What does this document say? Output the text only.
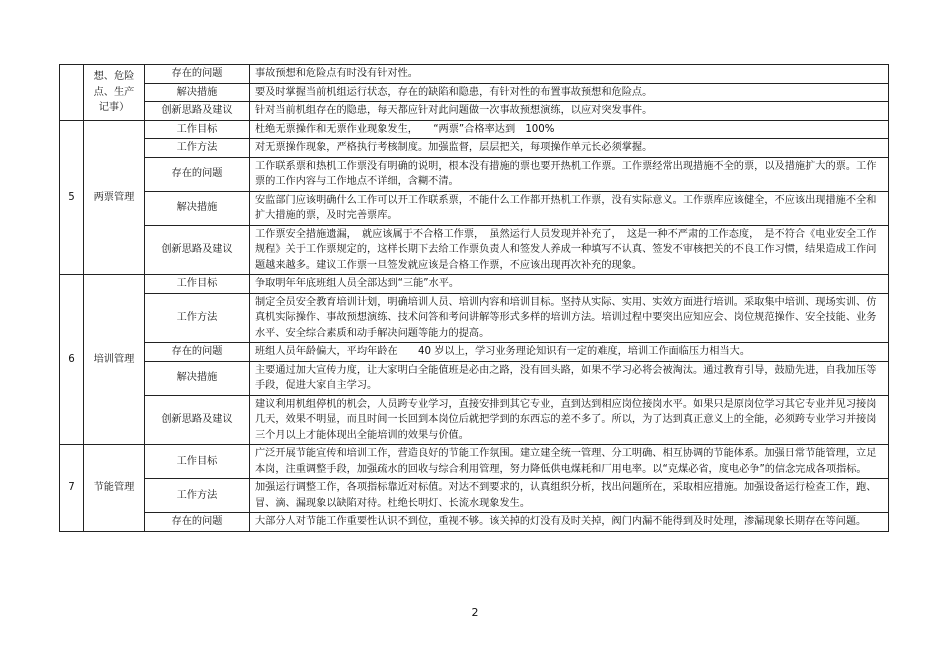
	想、危险点、生产记事）	存在的问题	事故预想和危险点有时没有针对性。
		解决措施	要及时掌握当前机组运行状态，存在的缺陷和隐患，有针对性的布置事故预想和危险点。
		创新思路及建议	针对当前机组存在的隐患，每天都应针对此问题做一次事故预想演练，以应对突发事件。
5	两票管理	工作目标	杜绝无票操作和无票作业现象发生，　　“两票”合格率达到　100%
		工作方法	对无票操作现象，严格执行考核制度。加强监督，层层把关，每项操作单元长必须掌握。
		存在的问题	工作联系票和热机工作票没有明确的说明，根本没有措施的票也要开热机工作票。工作票经常出现措施不全的票，以及措施扩大的票。工作票的工作内容与工作地点不详细，含糊不清。
		解决措施	安监部门应该明确什么工作可以开工作联系票，不能什么工作都开热机工作票，没有实际意义。工作票库应该健全，不应该出现措施不全和扩大措施的票，及时完善票库。
		创新思路及建议	工作票安全措施遗漏，　就应该属于不合格工作票，　虽然运行人员发现并补充了，　这是一种不严肃的工作态度，　是不符合《电业安全工作规程》关于工作票规定的，这样长期下去给工作票负责人和签发人养成一种填写不认真、签发不审核把关的不良工作习惯，结果造成工作问题越来越多。建议工作票一旦签发就应该是合格工作票，不应该出现再次补充的现象。
6	培训管理	工作目标	争取明年年底班组人员全部达到“三能”水平。
		工作方法	制定全员安全教育培训计划，明确培训人员、培训内容和培训目标。坚持从实际、实用、实效方面进行培训。采取集中培训、现场实训、仿真机实际操作、事故预想演练、技术问答和考问讲解等形式多样的培训方法。培训过程中要突出应知应会、岗位规范操作、安全技能、业务水平、安全综合素质和动手解决问题等能力的提高。
		存在的问题	班组人员年龄偏大，平均年龄在　　40 岁以上，学习业务理论知识有一定的难度，培训工作面临压力相当大。
		解决措施	主要通过加大宣传力度，让大家明白全能值班是必由之路，没有回头路，如果不学习必将会被淘汰。通过教育引导，鼓励先进，自我加压等手段，促进大家自主学习。
		创新思路及建议	建议利用机组停机的机会，人员跨专业学习，直接安排到其它专业，直到达到相应岗位接岗水平。如果只是原岗位学习其它专业并见习接岗几天，效果不明显，而且时间一长回到本岗位后就把学到的东西忘的差不多了。所以，为了达到真正意义上的全能，必须跨专业学习并接岗三个月以上才能体现出全能培训的效果与价值。
7	节能管理	工作目标	广泛开展节能宣传和培训工作，营造良好的节能工作氛围。建立建全统一管理、分工明确、相互协调的节能体系。加强日常节能管理，立足本岗，注重调整手段，加强疏水的回收与综合利用管理，努力降低供电煤耗和厂用电率。以“克煤必省，度电必争”的信念完成各项指标。
		工作方法	加强运行调整工作，各项指标靠近对标值。对达不到要求的，认真组织分析，找出问题所在，采取相应措施。加强设备运行检查工作，跑、冒、滴、漏现象以缺陷对待。杜绝长明灯、长流水现象发生。
		存在的问题	大部分人对节能工作重要性认识不到位，重视不够。该关掉的灯没有及时关掉，阀门内漏不能得到及时处理，渗漏现象长期存在等问题。
2
